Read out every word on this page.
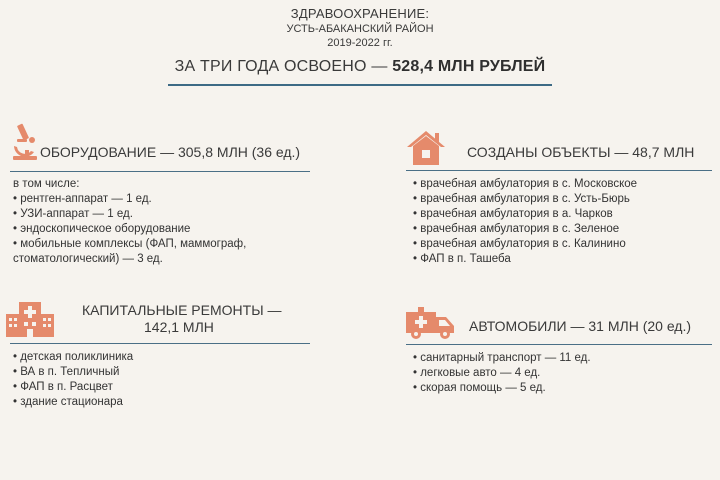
ЗДРАВООХРАНЕНИЕ:
УСТЬ-АБАКАНСКИЙ РАЙОН
2019-2022 гг.
ЗА ТРИ ГОДА ОСВОЕНО — 528,4 МЛН РУБЛЕЙ
ОБОРУДОВАНИЕ — 305,8 МЛН (36 ед.)
в том числе:
• рентген-аппарат — 1 ед.
• УЗИ-аппарат — 1 ед.
• эндоскопическое оборудование
• мобильные комплексы (ФАП, маммограф,
стоматологический) — 3 ед.
СОЗДАНЫ ОБЪЕКТЫ — 48,7 МЛН
• врачебная амбулатория в с. Московское
• врачебная амбулатория в с. Усть-Бюрь
• врачебная амбулатория в а. Чарков
• врачебная амбулатория в с. Зеленое
• врачебная амбулатория в с. Калинино
• ФАП в п. Ташеба
КАПИТАЛЬНЫЕ РЕМОНТЫ —
142,1 МЛН
• детская поликлиника
• ВА в п. Тепличный
• ФАП в п. Расцвет
• здание стационара
АВТОМОБИЛИ — 31 МЛН (20 ед.)
• санитарный транспорт — 11 ед.
• легковые авто — 4 ед.
• скорая помощь — 5 ед.
